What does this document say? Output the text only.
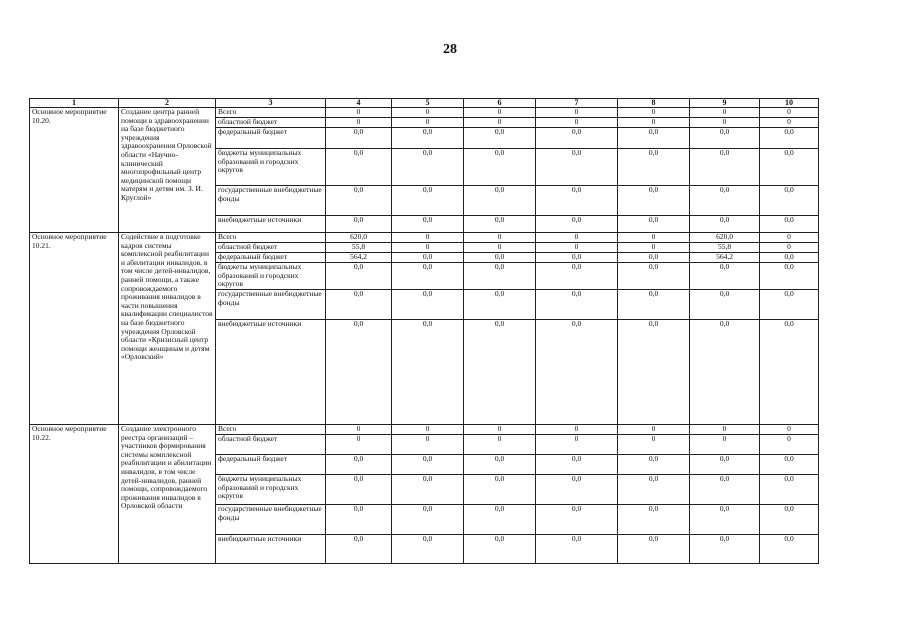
28
1	2	3	4	5	6	7	8	9	10
Основное мероприятие 10.20.	Создание центра ранней помощи в здравоохранении на базе бюджетного учреждения здравоохранения Орловской области «Научно-клинический многопрофильный центр медицинской помощи матерям и детям им. З. И. Круглой»	Всего	0	0	0	0	0	0	0
		областной бюджет	0	0	0	0	0	0	0
		федеральный бюджет	0,0	0,0	0,0	0,0	0,0	0,0	0,0
		бюджеты муниципальных образований и городских округов	0,0	0,0	0,0	0,0	0,0	0,0	0,0
		государственные внебюджетные фонды	0,0	0,0	0,0	0,0	0,0	0,0	0,0
		внебюджетные источники	0,0	0,0	0,0	0,0	0,0	0,0	0,0
Основное мероприятие 10.21.	Содействие в подготовке кадров системы комплексной реабилитации и абилитации инвалидов, в том числе детей-инвалидов, ранней помощи, а также сопровождаемого проживания инвалидов в части повышения квалификации специалистов на базе бюджетного учреждения Орловской области «Кризисный центр помощи женщинам и детям «Орловский»	Всего	620,0	0	0	0	0	620,0	0
		областной бюджет	55,8	0	0	0	0	55,8	0
		федеральный бюджет	564,2	0,0	0,0	0,0	0,0	564,2	0,0
		бюджеты муниципальных образований и городских округов	0,0	0,0	0,0	0,0	0,0	0,0	0,0
		государственные внебюджетные фонды	0,0	0,0	0,0	0,0	0,0	0,0	0,0
		внебюджетные источники	0,0	0,0	0,0	0,0	0,0	0,0	0,0
Основное мероприятие 10.22.	Создание электронного реестра организаций – участников формирования системы комплексной реабилитации и абилитации инвалидов, в том числе детей-инвалидов, ранней помощи, сопровождаемого проживания инвалидов в Орловской области	Всего	0	0	0	0	0	0	0
		областной бюджет	0	0	0	0	0	0	0
		федеральный бюджет	0,0	0,0	0,0	0,0	0,0	0,0	0,0
		бюджеты муниципальных образований и городских округов	0,0	0,0	0,0	0,0	0,0	0,0	0,0
		государственные внебюджетные фонды	0,0	0,0	0,0	0,0	0,0	0,0	0,0
		внебюджетные источники	0,0	0,0	0,0	0,0	0,0	0,0	0,0
